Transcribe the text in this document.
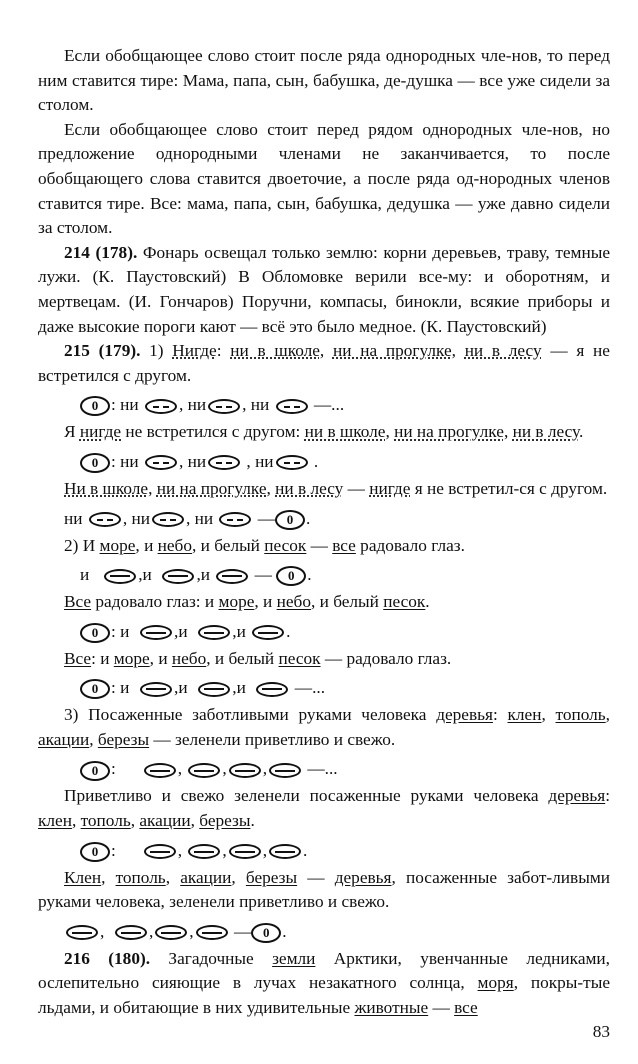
Если обобщающее слово стоит после ряда однородных чле-нов, то перед ним ставится тире: Мама, папа, сын, бабушка, де-душка — все уже сидели за столом.

Если обобщающее слово стоит перед рядом однородных чле-нов, но предложение однородными членами не заканчивается, то после обобщающего слова ставится двоеточие, а после ряда од-нородных членов ставится тире. Все: мама, папа, сын, бабушка, дедушка — уже давно сидели за столом.

214 (178). Фонарь освещал только землю: корни деревьев, траву, темные лужи. (К. Паустовский) В Обломовке верили все-му: и оборотням, и мертвецам. (И. Гончаров) Поручни, компасы, бинокли, всякие приборы и даже высокие пороги кают — всё это было медное. (К. Паустовский)

215 (179). 1) Нигде: ни в школе, ни на прогулке, ни в лесу — я не встретился с другом.

0 : ни , ни , ни	—...

Я нигде не встретился с другом: ни в школе, ни на прогулке, ни в лесу.

0 : ни , ни , ни .

Ни в школе, ни на прогулке, ни в лесу — нигде я не встретил-ся с другом.

ни , ни , ни  — 0 .

2) И море, и небо, и белый песок — все радовало глаз.

и	,и	,и  — 0 .

Все радовало глаз: и море, и небо, и белый песок.

0 : и	,и	,и .

Все: и море, и небо, и белый песок — радовало глаз.

0 : и	,и	,и	—...

3) Посаженные заботливыми руками человека деревья: клен, тополь, акации, березы — зеленели приветливо и свежо.

0 :      , , , —...

Приветливо и свежо зеленели посаженные руками человека деревья: клен, тополь, акации, березы.

0 :      , , , .

Клен, тополь, акации, березы — деревья, посаженные забот-ливыми руками человека, зеленели приветливо и свежо.

,  , , — 0 .

216 (180). Загадочные земли Арктики, увенчанные ледниками, ослепительно сияющие в лучах незакатного солнца, моря, покры-тые льдами, и обитающие в них удивительные животные — все

83
